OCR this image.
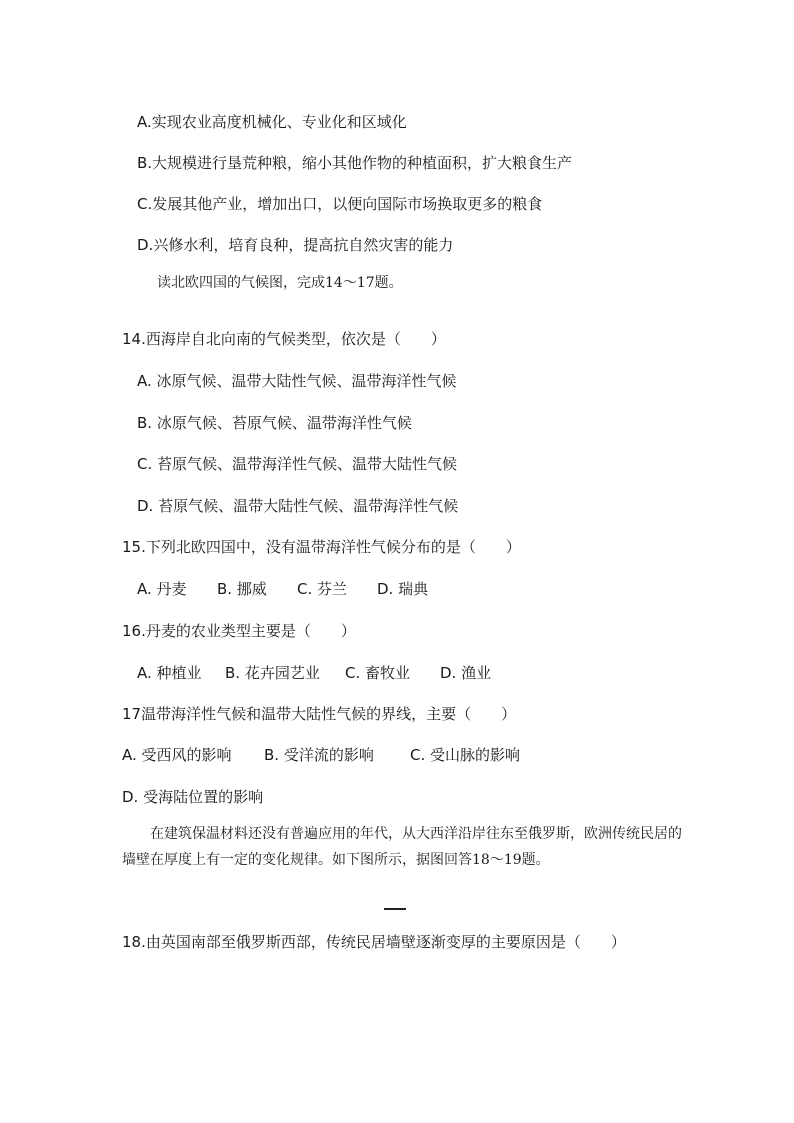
A.实现农业高度机械化、专业化和区域化
B.大规模进行垦荒种粮，缩小其他作物的种植面积，扩大粮食生产
C.发展其他产业，增加出口，以便向国际市场换取更多的粮食
D.兴修水利，培育良种，提高抗自然灾害的能力
读北欧四国的气候图，完成14～17题。
14.西海岸自北向南的气候类型，依次是（　　）
A. 冰原气候、温带大陆性气候、温带海洋性气候
B. 冰原气候、苔原气候、温带海洋性气候
C. 苔原气候、温带海洋性气候、温带大陆性气候
D. 苔原气候、温带大陆性气候、温带海洋性气候
15.下列北欧四国中，没有温带海洋性气候分布的是（　　）
A. 丹麦	B. 挪威	C. 芬兰	D. 瑞典
16.丹麦的农业类型主要是（　　）
A. 种植业	B. 花卉园艺业	C. 畜牧业	D. 渔业
17温带海洋性气候和温带大陆性气候的界线，主要（　　）
A. 受西风的影响	B. 受洋流的影响	C. 受山脉的影响
D. 受海陆位置的影响
在建筑保温材料还没有普遍应用的年代，从大西洋沿岸往东至俄罗斯，欧洲传统民居的墙壁在厚度上有一定的变化规律。如下图所示，据图回答18～19题。
18.由英国南部至俄罗斯西部，传统民居墙壁逐渐变厚的主要原因是（　　）
